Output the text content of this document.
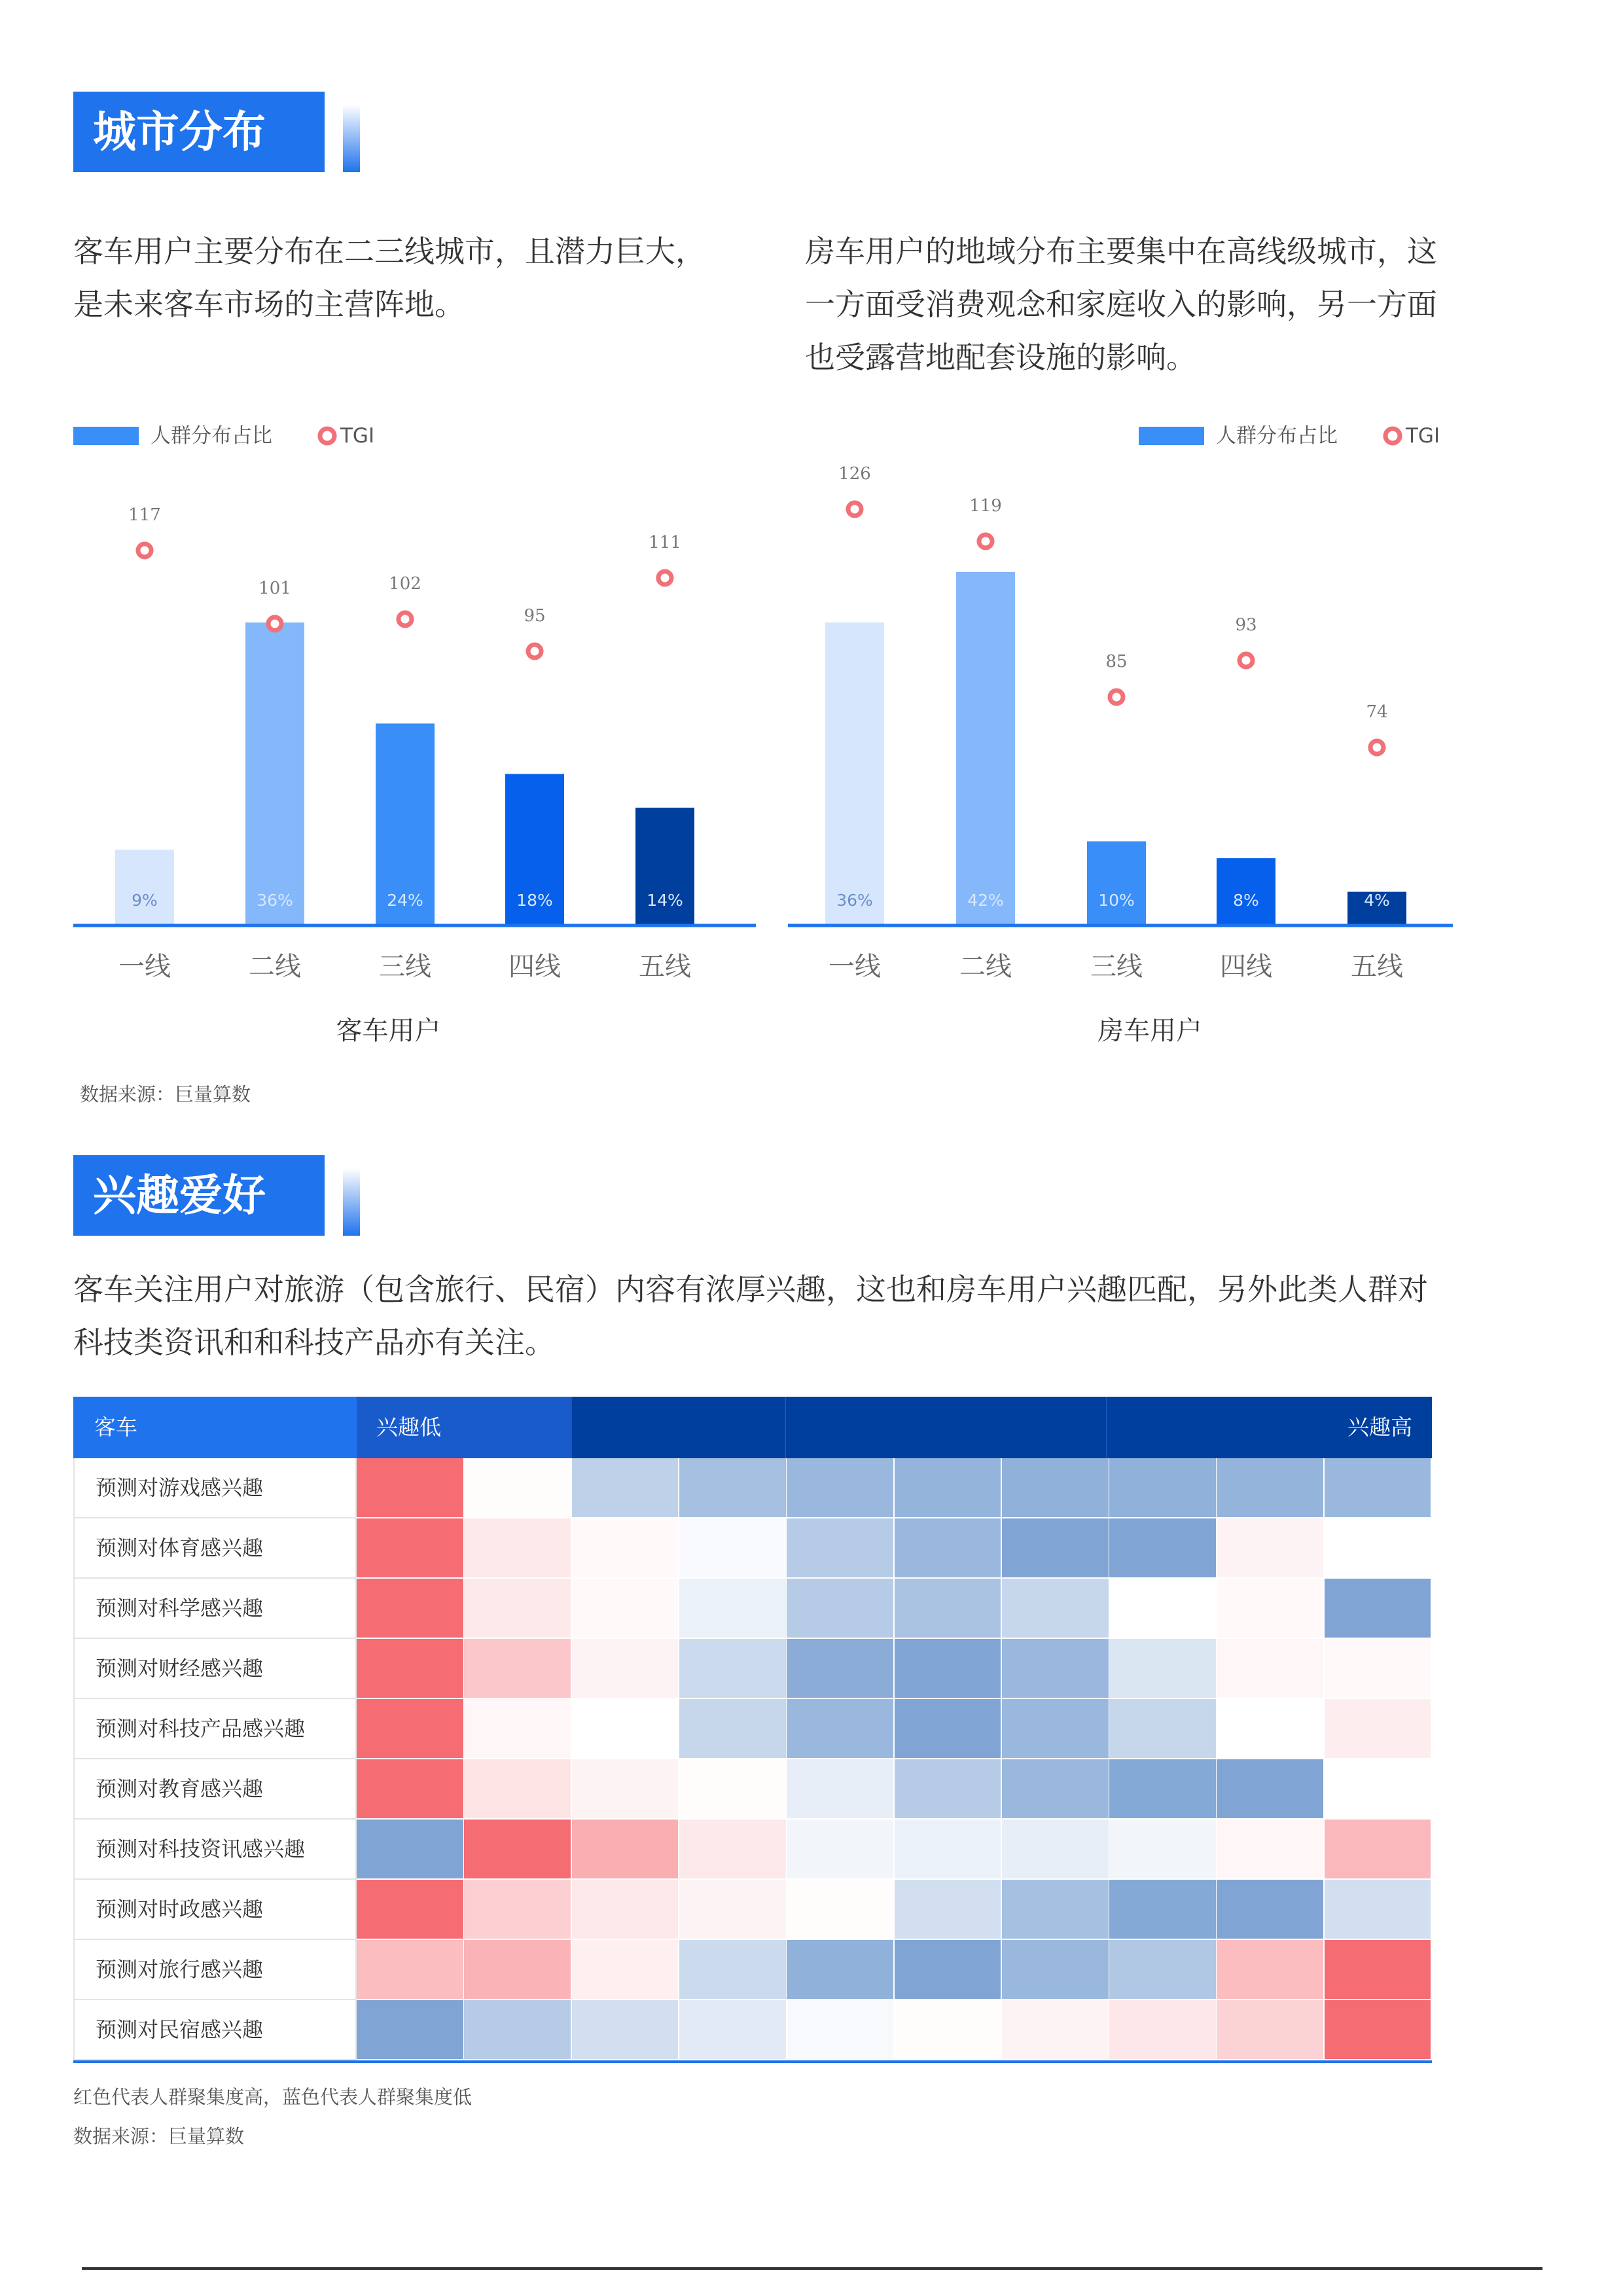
城市分布

客车用户主要分布在二三线城市，且潜力巨大，是未来客车市场的主营阵地。

房车用户的地域分布主要集中在高线级城市，这一方面受消费观念和家庭收入的影响，另一方面也受露营地配套设施的影响。

人群分布占比	TGI
9%
117
一线
36%
101
二线
24%
102
三线
18%
95
四线
14%
111
五线
客车用户
人群分布占比	TGI
36%
126
一线
42%
119
二线
10%
85
三线
8%
93
四线
4%
74
五线
房车用户
数据来源：巨量算数
兴趣爱好

客车关注用户对旅游（包含旅行、民宿）内容有浓厚兴趣，这也和房车用户兴趣匹配，另外此类人群对科技类资讯和和科技产品亦有关注。

客车	兴趣低	兴趣高
预测对游戏感兴趣
预测对体育感兴趣
预测对科学感兴趣
预测对财经感兴趣
预测对科技产品感兴趣
预测对教育感兴趣
预测对科技资讯感兴趣
预测对时政感兴趣
预测对旅行感兴趣
预测对民宿感兴趣
红色代表人群聚集度高，蓝色代表人群聚集度低
数据来源：巨量算数
